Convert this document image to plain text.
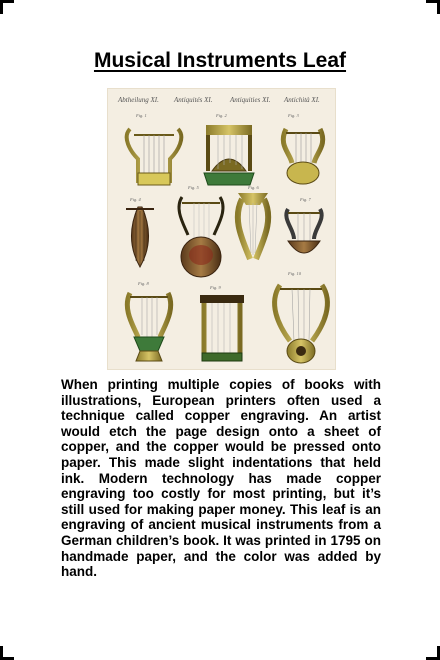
Musical Instruments Leaf
Abtheilung XI. Antiquités XI.	Antiquities XI. Antichità XI.
Fig. 1	Fig. 2	Fig. 3
Fig. 4
Fig. 5	Fig. 6
Fig. 7
Fig. 8
Fig. 9
Fig. 10
When printing multiple copies of books with illustrations, European printers often used a technique called copper engraving. An artist would etch the page design onto a sheet of copper, and the copper would be pressed onto paper. This made slight indentations that held ink. Modern technology has made copper engraving too costly for most printing, but it’s still used for making paper money. This leaf is an engraving of ancient musical instruments from a German children’s book. It was printed in 1795 on handmade paper, and the color was added by hand.
